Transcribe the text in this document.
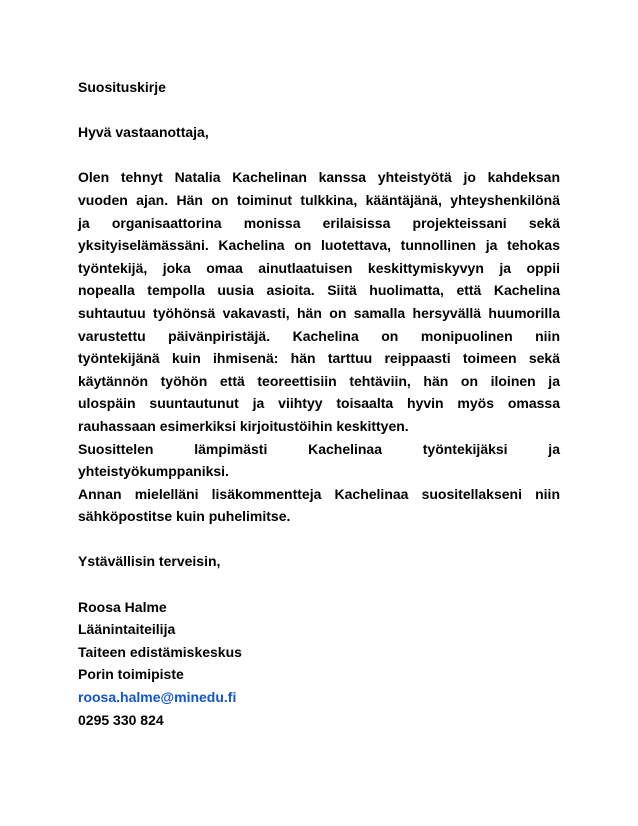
Suosituskirje
Hyvä vastaanottaja,
Olen tehnyt Natalia Kachelinan kanssa yhteistyötä jo kahdeksan
vuoden ajan. Hän on toiminut tulkkina, kääntäjänä, yhteyshenkilönä
ja organisaattorina monissa erilaisissa projekteissani sekä
yksityiselämässäni. Kachelina on luotettava, tunnollinen ja tehokas
työntekijä, joka omaa ainutlaatuisen keskittymiskyvyn ja oppii
nopealla tempolla uusia asioita. Siitä huolimatta, että Kachelina
suhtautuu työhönsä vakavasti, hän on samalla hersyvällä huumorilla
varustettu päivänpiristäjä. Kachelina on monipuolinen niin
työntekijänä kuin ihmisenä: hän tarttuu reippaasti toimeen sekä
käytännön työhön että teoreettisiin tehtäviin, hän on iloinen ja
ulospäin suuntautunut ja viihtyy toisaalta hyvin myös omassa
rauhassaan esimerkiksi kirjoitustöihin keskittyen.
Suosittelen lämpimästi Kachelinaa työntekijäksi ja
yhteistyökumppaniksi.
Annan mielelläni lisäkommentteja Kachelinaa suositellakseni niin
sähköpostitse kuin puhelimitse.
Ystävällisin terveisin,
Roosa Halme
Läänintaiteilija
Taiteen edistämiskeskus
Porin toimipiste
roosa.halme@minedu.fi
0295 330 824
